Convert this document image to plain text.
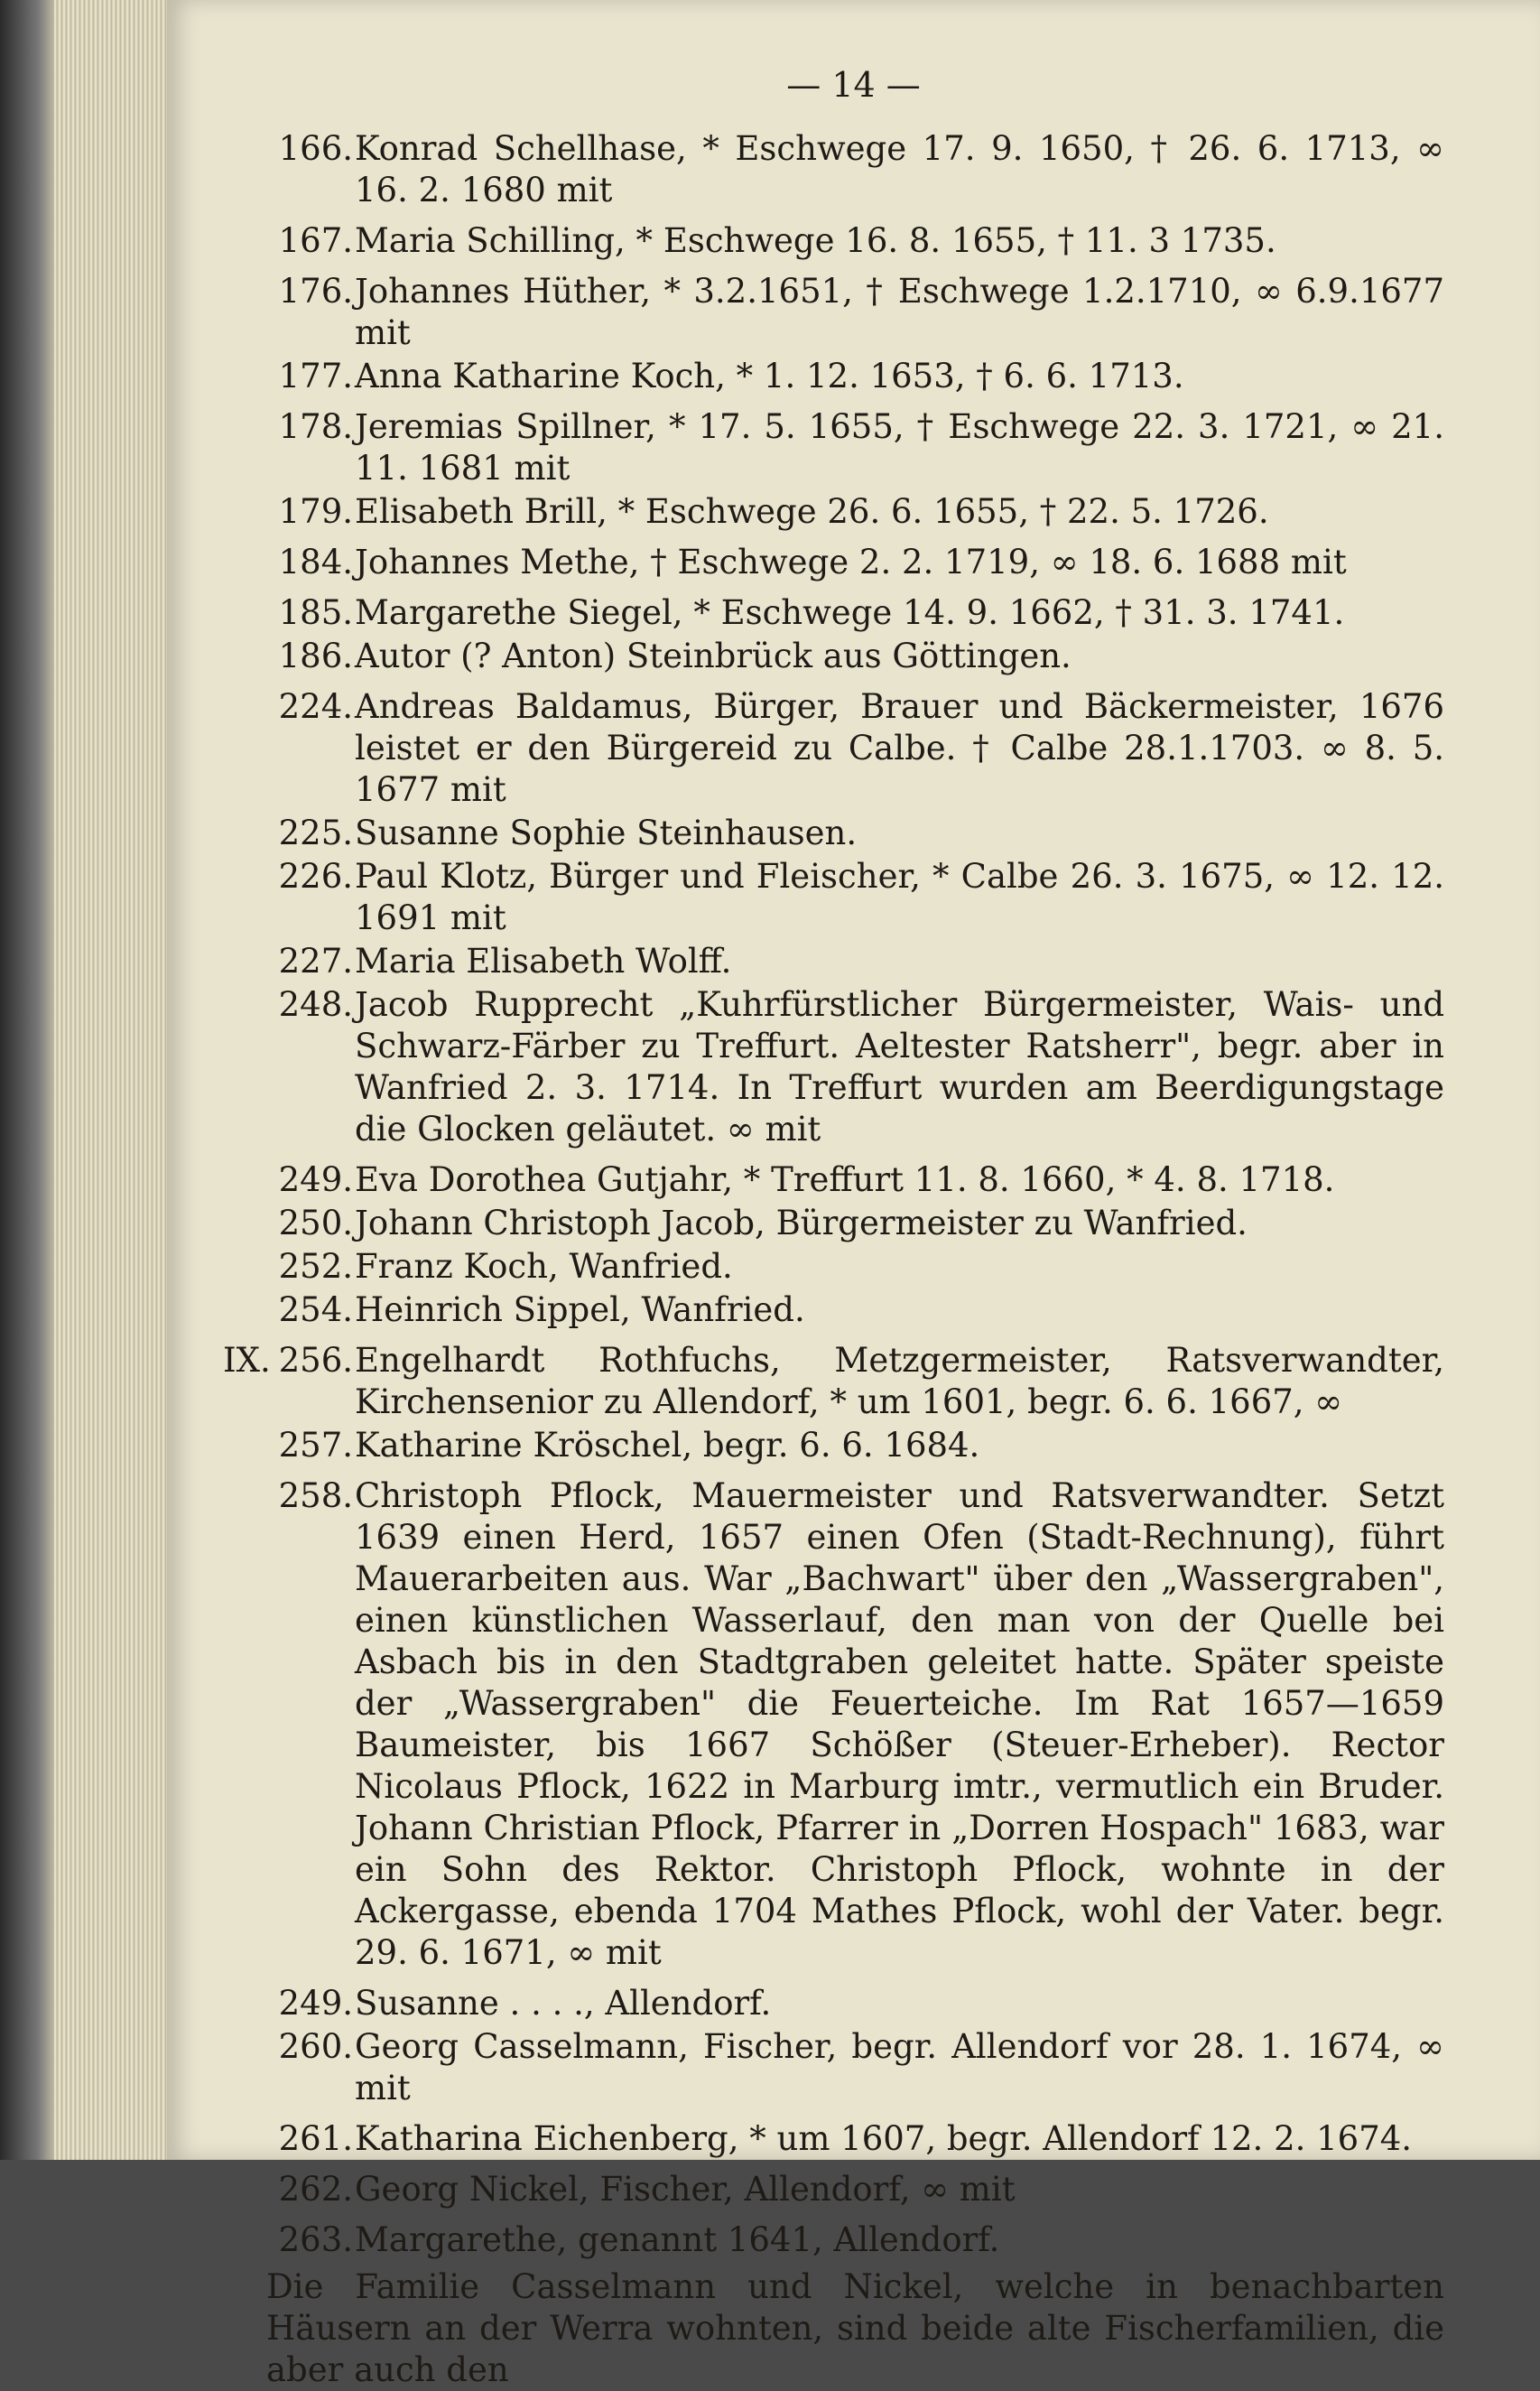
— 14 —
166. Konrad Schellhase, * Eschwege 17. 9. 1650, † 26. 6. 1713, ∞ 16. 2. 1680 mit
167. Maria Schilling, * Eschwege 16. 8. 1655, † 11. 3 1735.
176. Johannes Hüther, * 3.2.1651, † Eschwege 1.2.1710, ∞ 6.9.1677 mit
177. Anna Katharine Koch, * 1. 12. 1653, † 6. 6. 1713.
178. Jeremias Spillner, * 17. 5. 1655, † Eschwege 22. 3. 1721, ∞ 21. 11. 1681 mit
179. Elisabeth Brill, * Eschwege 26. 6. 1655, † 22. 5. 1726.
184. Johannes Methe, † Eschwege 2. 2. 1719, ∞ 18. 6. 1688 mit
185. Margarethe Siegel, * Eschwege 14. 9. 1662, † 31. 3. 1741.
186. Autor (? Anton) Steinbrück aus Göttingen.
224. Andreas Baldamus, Bürger, Brauer und Bäckermeister, 1676 leistet er den Bürgereid zu Calbe. † Calbe 28.1.1703. ∞ 8. 5. 1677 mit
225. Susanne Sophie Steinhausen.
226. Paul Klotz, Bürger und Fleischer, * Calbe 26. 3. 1675, ∞ 12. 12. 1691 mit
227. Maria Elisabeth Wolff.
248. Jacob Rupprecht „Kuhrfürstlicher Bürgermeister, Wais- und Schwarz-Färber zu Treffurt. Aeltester Ratsherr", begr. aber in Wanfried 2. 3. 1714. In Treffurt wurden am Beerdigungstage die Glocken geläutet. ∞ mit
249. Eva Dorothea Gutjahr, * Treffurt 11. 8. 1660, * 4. 8. 1718.
250. Johann Christoph Jacob, Bürgermeister zu Wanfried.
252. Franz Koch, Wanfried.
254. Heinrich Sippel, Wanfried.
IX. 256. Engelhardt Rothfuchs, Metzgermeister, Ratsverwandter, Kirchensenior zu Allendorf, * um 1601, begr. 6. 6. 1667, ∞
257. Katharine Kröschel, begr. 6. 6. 1684.
258. Christoph Pflock, Mauermeister und Ratsverwandter. Setzt 1639 einen Herd, 1657 einen Ofen (Stadt-Rechnung), führt Mauerarbeiten aus. War „Bachwart" über den „Wassergraben", einen künstlichen Wasserlauf, den man von der Quelle bei Asbach bis in den Stadtgraben geleitet hatte. Später speiste der „Wassergraben" die Feuerteiche. Im Rat 1657—1659 Baumeister, bis 1667 Schößer (Steuer-Erheber). Rector Nicolaus Pflock, 1622 in Marburg imtr., vermutlich ein Bruder. Johann Christian Pflock, Pfarrer in „Dorren Hospach" 1683, war ein Sohn des Rektor. Christoph Pflock, wohnte in der Ackergasse, ebenda 1704 Mathes Pflock, wohl der Vater. begr. 29. 6. 1671, ∞ mit
249. Susanne . . . ., Allendorf.
260. Georg Casselmann, Fischer, begr. Allendorf vor 28. 1. 1674, ∞ mit
261. Katharina Eichenberg, * um 1607, begr. Allendorf 12. 2. 1674.
262. Georg Nickel, Fischer, Allendorf, ∞ mit
263. Margarethe, genannt 1641, Allendorf.
Die Familie Casselmann und Nickel, welche in benachbarten Häusern an der Werra wohnten, sind beide alte Fischerfamilien, die aber auch den
